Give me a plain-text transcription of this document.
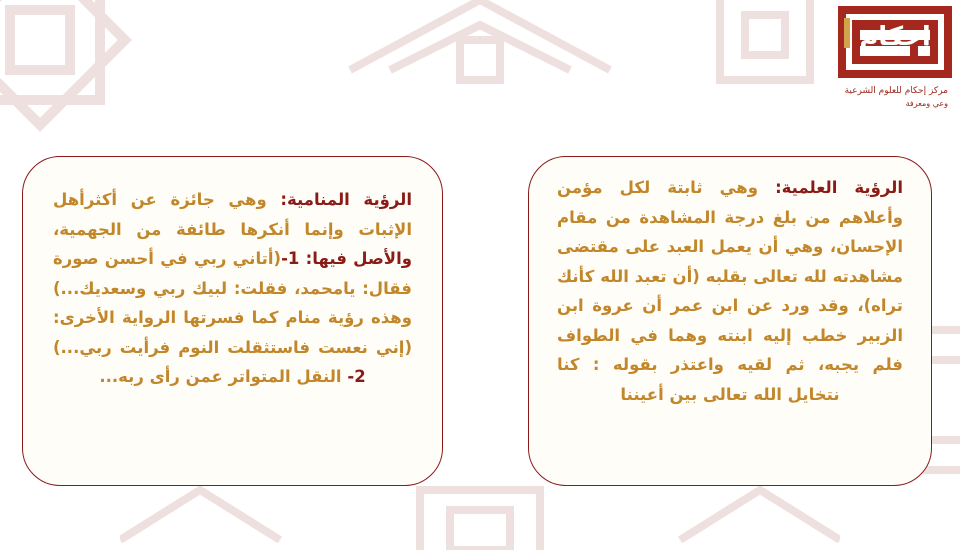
مركز إحكام للعلوم الشرعية
وعي ومعرفة
الرؤية العلمية: وهي ثابتة لكل مؤمن وأعلاهم من بلغ درجة المشاهدة من مقام الإحسان، وهي أن يعمل العبد على مقتضى مشاهدته لله تعالى بقلبه (أن تعبد الله كأنك تراه)، وقد ورد عن ابن عمر أن عروة ابن الزبير خطب إليه ابنته وهما في الطواف فلم يجبه، ثم لقيه واعتذر بقوله : كنا نتخايل الله تعالى بين أعيننا
الرؤية المنامية: وهي جائزة عن أكثرأهل الإثبات وإنما أنكرها طائفة من الجهمية، والأصل فيها: 1-(أتاني ربي في أحسن صورة فقال: يامحمد، فقلت: لبيك ربي وسعديك...) وهذه رؤية منام كما فسرتها الرواية الأخرى: (إني نعست فاستثقلت النوم فرأيت ربي...) 2- النقل المتواتر عمن رأى ربه...
إحكام
